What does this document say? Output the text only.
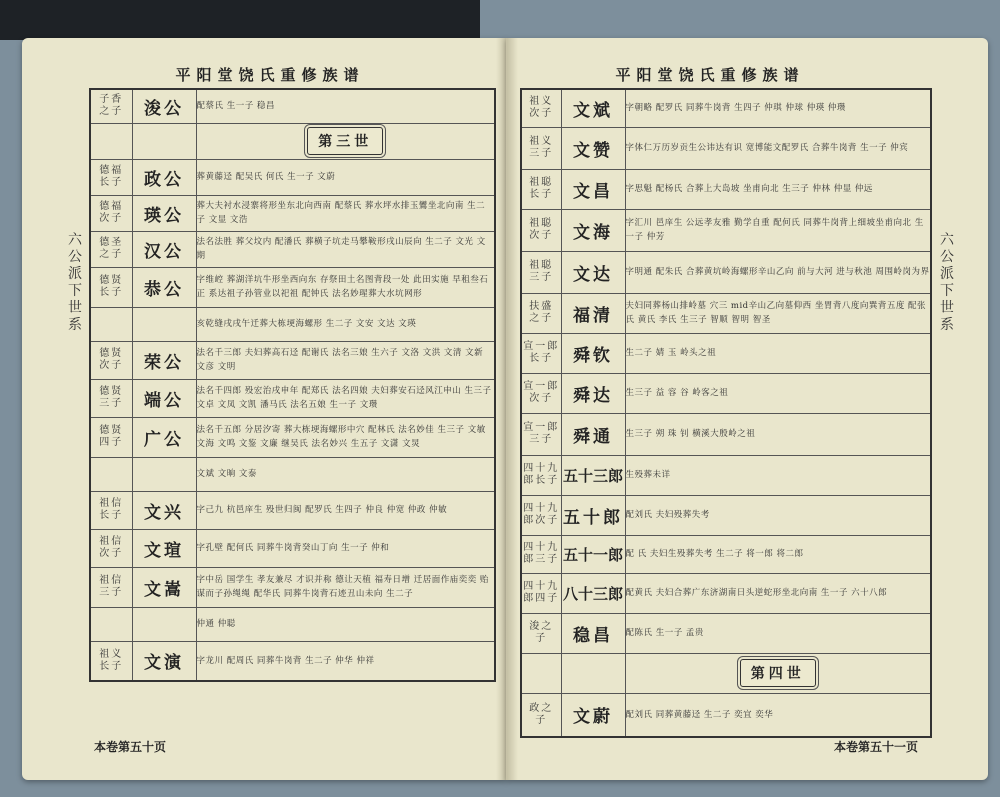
平阳堂饶氏重修族谱	平阳堂饶氏重修族谱
六公派下世系
六公派下世系
子香
之子	浚公	配蔡氏 生一子 稳昌
		第三世

德福
长子	政公	葬黄藤迳 配吴氏 何氏 生一子 文蔚

德福
次子	瑛公	葬大夫衬水浸寨将形坐东北向西南 配蔡氏 葬水坪水排玉鸞坐北向南 生二子 文显 文浩

德圣
之子	汉公	法名法胜 葬父坟内 配潘氏 葬横子坑走马攀鞍形戌山辰向 生二子 文光 文期

德贤
长子	恭公	字维崆 葬湖洋坑牛形坐西向东 存祭田土名图背段一处 此田实施 早租叁石正 系达祖子孙管业以祀祖 配钟氏 法名妙瑆葬大水坑网形
		亥乾缝戌戌午迁葬大栋埂海螺形 生二子 文安 文达 文瑛

德贤
次子	荣公	法名千三郎 夫妇葬高石迳 配谢氏 法名三娘 生六子 文洛 文洪 文清 文新 文彦 文明

德贤
三子	端公	法名千四郎 殁宏治戌申年 配郑氏 法名四娘 夫妇葬安石迳风江申山 生三子 文卓 文凤 文凯 潘马氏 法名五娘 生一子 文瓒

德贤
四子	广公	法名千五郎 分居汐寄 葬大栋埂海螺形中穴 配林氏 法名妙佳 生三子 文敏 文海 文鸣 文鉴 文廉 继吴氏 法名妙兴 生五子 文潇 文炅
		文斌 文晌 文泰

祖信
长子	文兴	字己九 杭邑庠生 殁世归闽 配罗氏 生四子 仲良 仲宽 仲政 仲敏

祖信
次子	文瑄	字孔壁 配何氏 同葬牛岗背癸山丁向 生一子 仲和

祖信
三子	文嵩	字中岳 国学生 孝友兼尽 才识并称 德让天植 福寿日增 迁居面作庙奕奕 贻谋而子孙绳绳 配华氏 同葬牛岗背石迹丑山未向 生二子
		仲通 仲聪

祖义
长子	文演	字龙川 配周氏 同葬牛岗背 生二子 仲华 仲祥
祖义
次子	文斌	字朝略 配罗氏 同葬牛岗背 生四子 仲琪 仲球 仲瑛 仲瓒

祖义
三子	文赞	字体仁万历岁贡生公讳达有识 宽博能文配罗氏 合葬牛岗背 生一子 仲宾

祖聪
长子	文昌	字思魁 配杨氏 合葬上大岛坡 坐甫向北 生三子 仲林 仲显 仲远

祖聪
次子	文海	字汇川 邑庠生 公远孝友雅 勤学自重 配何氏 同葬牛岗背上细坡坐甫向北 生一子 仲芳

祖聪
三子	文达	字明通 配朱氏 合葬黄坑岭海螺形辛山乙向 前与大河 进与秋池 周围岭岗为界

扶盛
之子	福清	夫妇同葬杨山排岭墓 穴三 mid辛山乙向墓仰西 坐胃背八度向巽背五度 配张氏 黄氏 李氏 生三子 智顺 智明 智圣

宣一郎
长子	舜钦	生二子 婧 玉 岭头之祖

宣一郎
次子	舜达	生三子 益 容 谷 岭客之祖

宣一郎
三子	舜通	生三子 朔 珠 钊 横溪大殷岭之祖

四十九
郎长子	五十三郎	生殁葬未详

四十九
郎次子	五十郎	配刘氏 夫妇殁葬失考

四十九
郎三子	五十一郎	配 氏 夫妇生殁葬失考 生二子 将一郎 将二郎

四十九
郎四子	八十三郎	配黄氏 夫妇合葬广东济湖南日头逆蛇形坐北向南 生一子 六十八郎

浚之
子	稳昌	配陈氏 生一子 孟贵
		第四世

政之
子	文蔚	配刘氏 同葬黄藤迳 生二子 奕宜 奕华
本卷第五十页	本卷第五十一页
